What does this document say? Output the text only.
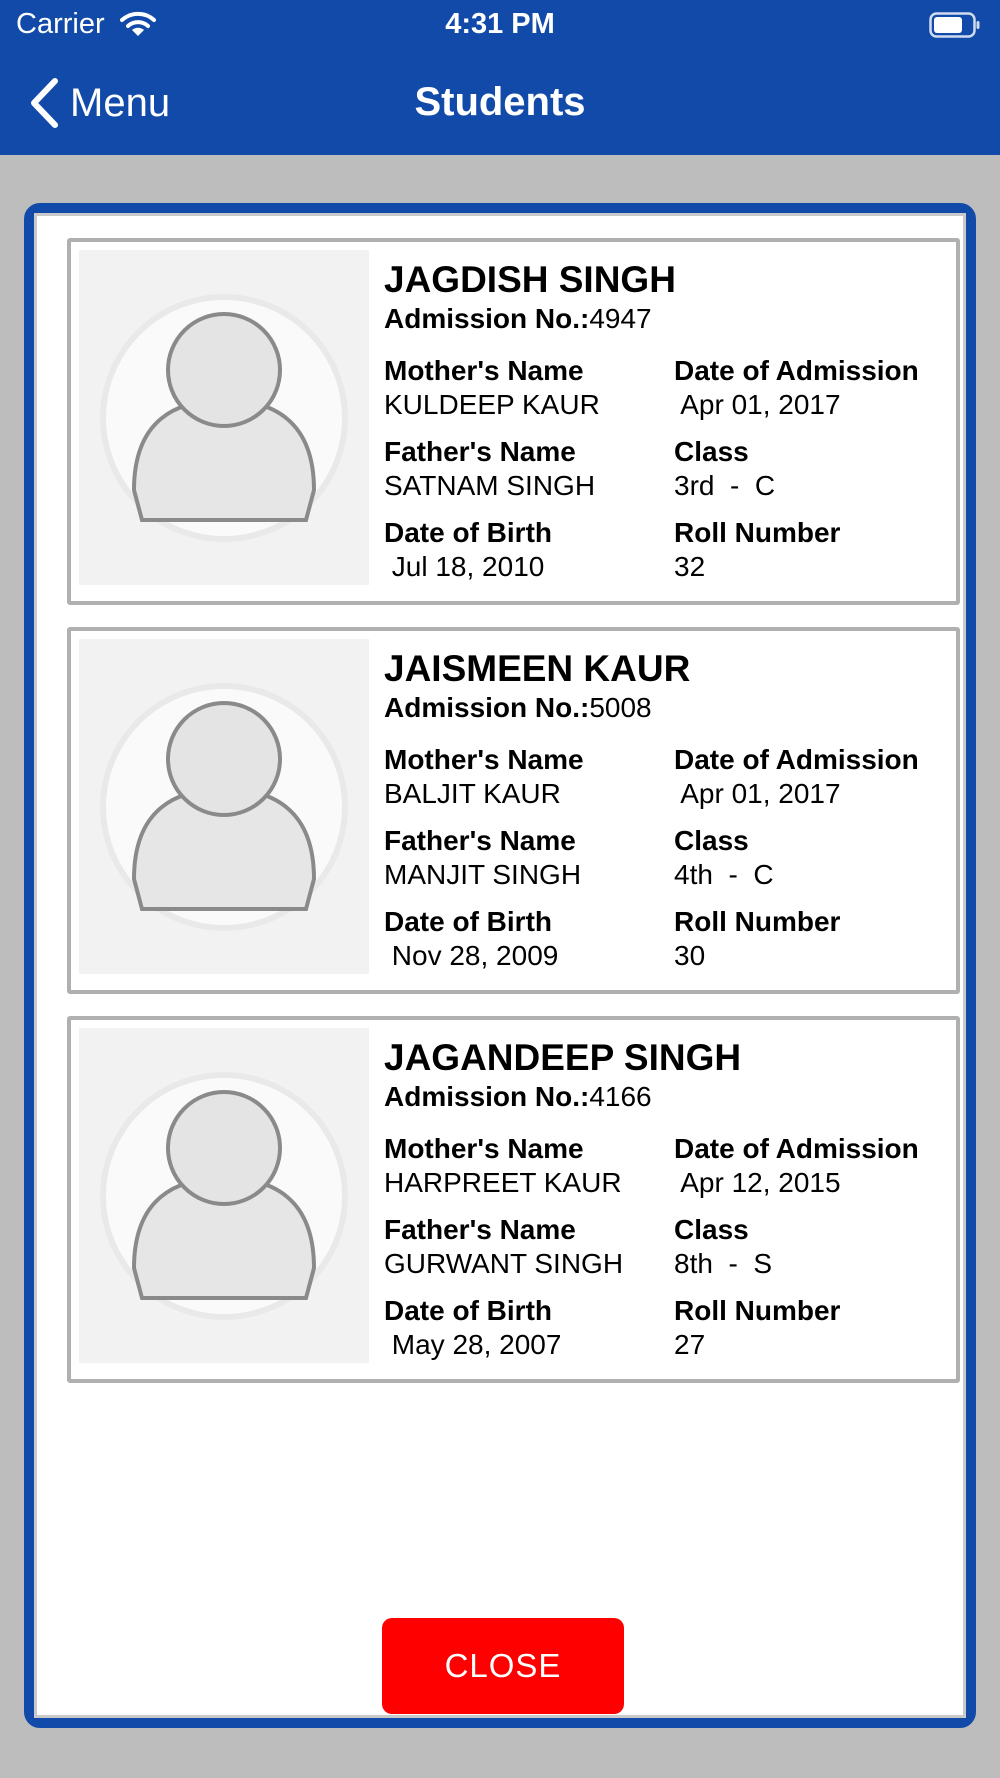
Carrier	4:31 PM
Menu	Students
JAGDISH SINGH
Admission No.:4947
Mother's Name
KULDEEP KAUR
Date of Admission
Apr 01, 2017
Father's Name
SATNAM SINGH
Class
3rd  -  C
Date of Birth
Jul 18, 2010
Roll Number
32
JAISMEEN KAUR
Admission No.:5008
Mother's Name
BALJIT KAUR
Date of Admission
Apr 01, 2017
Father's Name
MANJIT SINGH
Class
4th  -  C
Date of Birth
Nov 28, 2009
Roll Number
30
JAGANDEEP SINGH
Admission No.:4166
Mother's Name
HARPREET KAUR
Date of Admission
Apr 12, 2015
Father's Name
GURWANT SINGH
Class
8th  -  S
Date of Birth
May 28, 2007
Roll Number
27
CLOSE
